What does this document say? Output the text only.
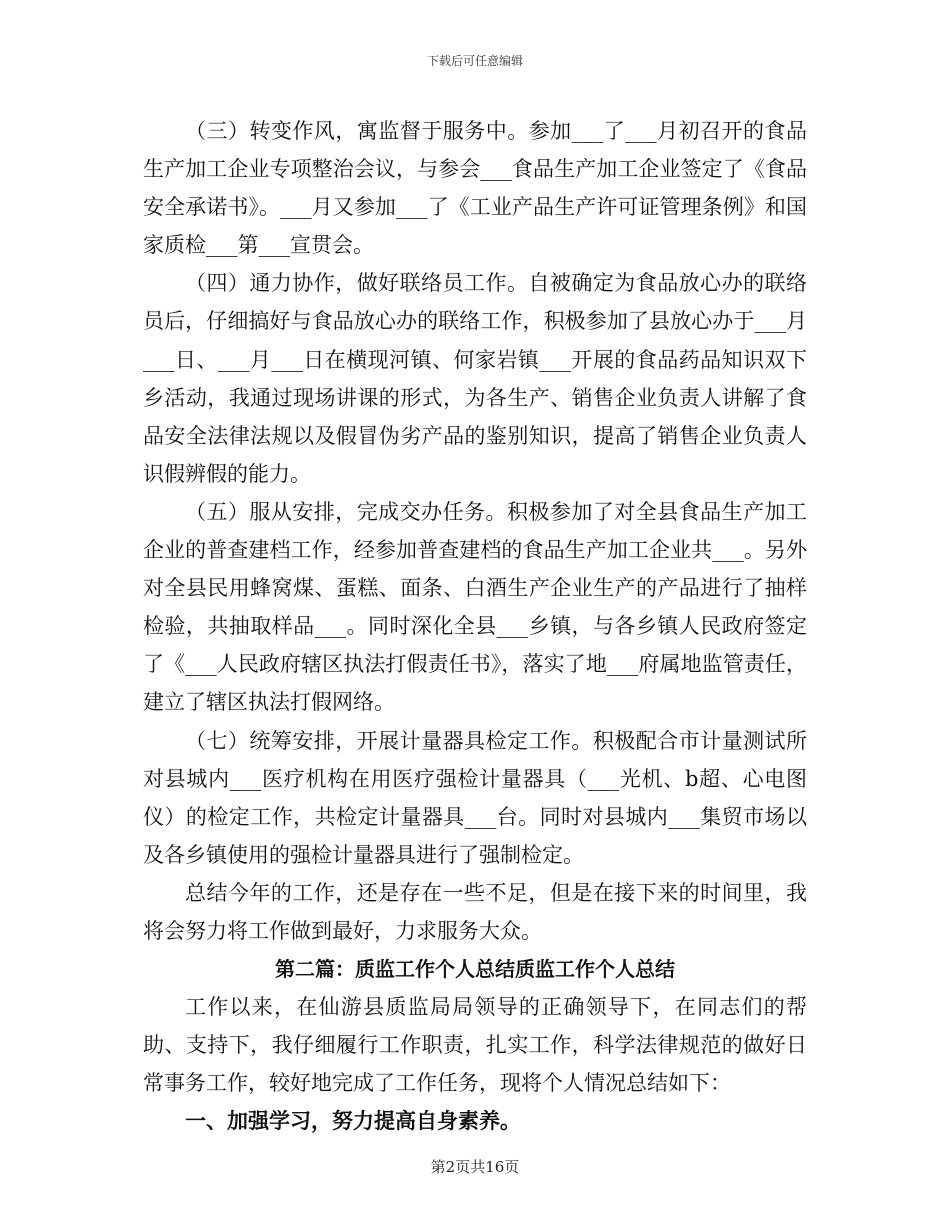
下载后可任意编辑

（三）转变作风，寓监督于服务中。参加___了___月初召开的食品生产加工企业专项整治会议，与参会___食品生产加工企业签定了《食品安全承诺书》。___月又参加___了《工业产品生产许可证管理条例》和国家质检___第___宣贯会。

（四）通力协作，做好联络员工作。自被确定为食品放心办的联络员后，仔细搞好与食品放心办的联络工作，积极参加了县放心办于___月___日、___月___日在横现河镇、何家岩镇___开展的食品药品知识双下乡活动，我通过现场讲课的形式，为各生产、销售企业负责人讲解了食品安全法律法规以及假冒伪劣产品的鉴别知识，提高了销售企业负责人识假辨假的能力。

（五）服从安排，完成交办任务。积极参加了对全县食品生产加工企业的普查建档工作，经参加普查建档的食品生产加工企业共___。另外对全县民用蜂窝煤、蛋糕、面条、白酒生产企业生产的产品进行了抽样检验，共抽取样品___。同时深化全县___乡镇，与各乡镇人民政府签定了《___人民政府辖区执法打假责任书》，落实了地___府属地监管责任，建立了辖区执法打假网络。

（七）统筹安排，开展计量器具检定工作。积极配合市计量测试所对县城内___医疗机构在用医疗强检计量器具（___光机、b超、心电图仪）的检定工作，共检定计量器具___台。同时对县城内___集贸市场以及各乡镇使用的强检计量器具进行了强制检定。

总结今年的工作，还是存在一些不足，但是在接下来的时间里，我将会努力将工作做到最好，力求服务大众。

第二篇：质监工作个人总结质监工作个人总结

工作以来，在仙游县质监局局领导的正确领导下，在同志们的帮助、支持下，我仔细履行工作职责，扎实工作，科学法律规范的做好日常事务工作，较好地完成了工作任务，现将个人情况总结如下：

一、加强学习，努力提高自身素养。

第2页共16页
